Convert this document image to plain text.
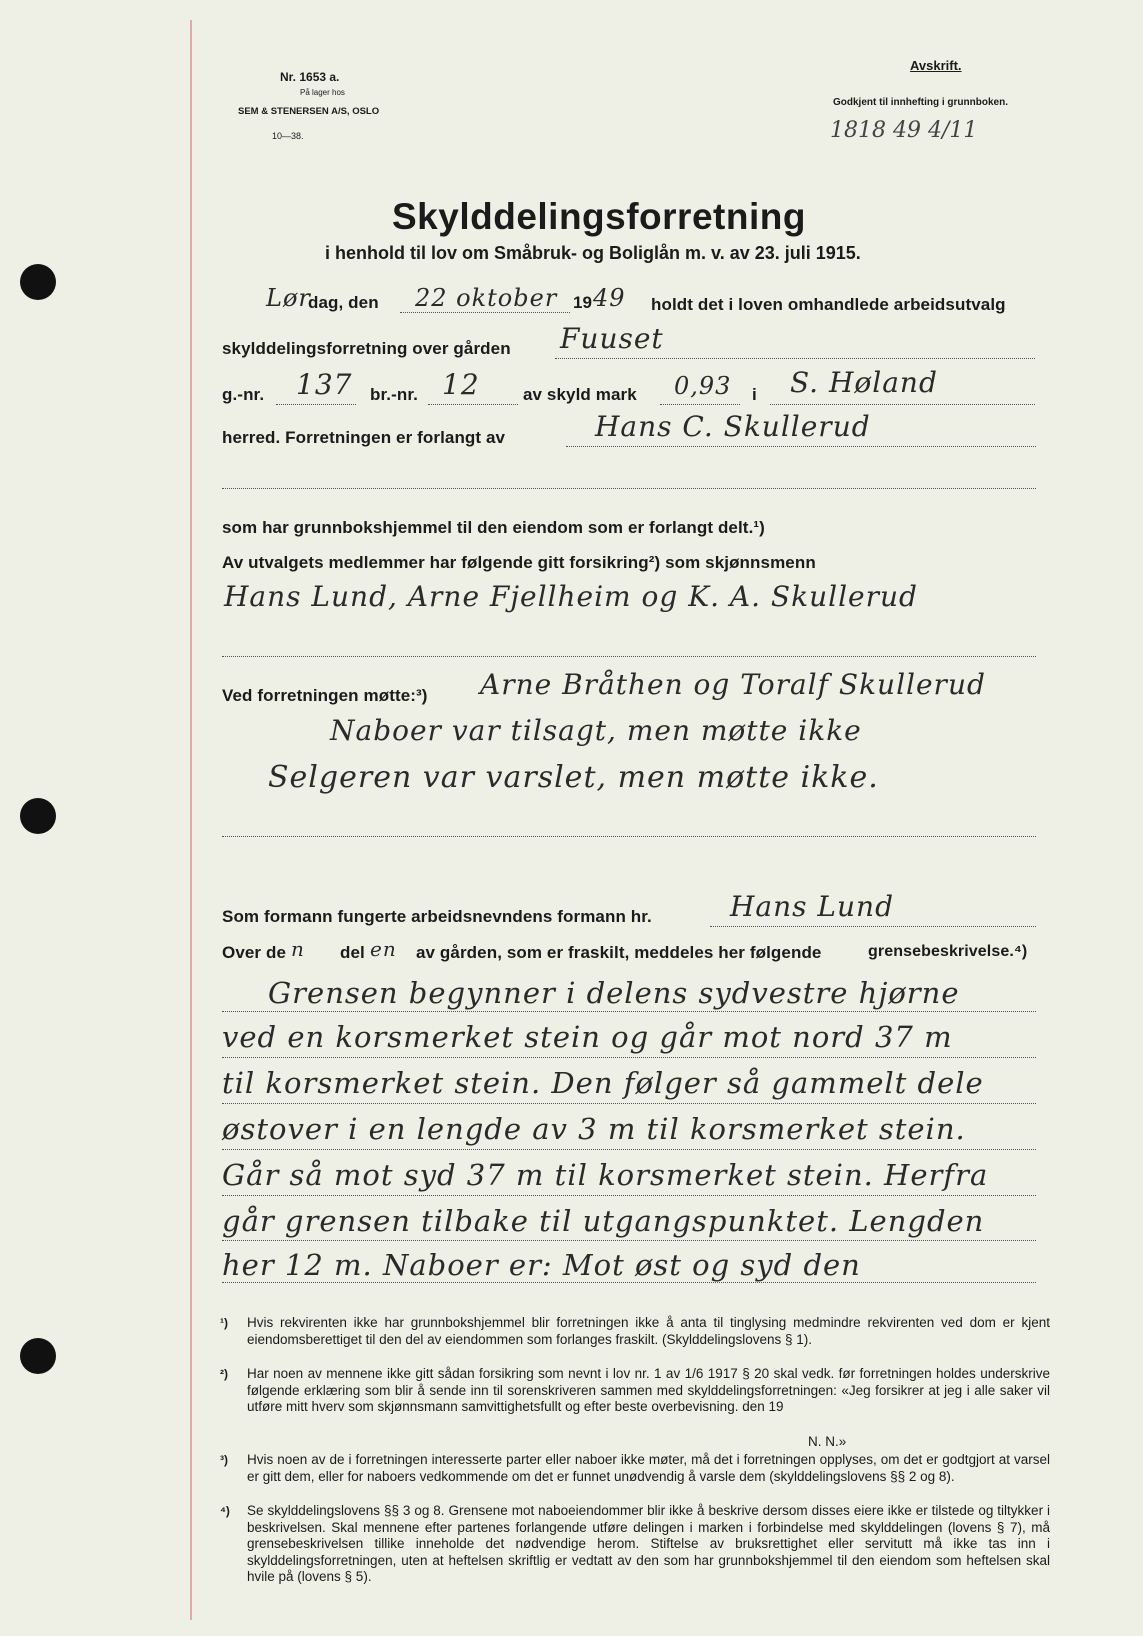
Nr. 1653 a.
På lager hos
SEM & STENERSEN A/S, OSLO
10—38.
Avskrift.
Godkjent til innhefting i grunnboken.
1818 49 4/11
Skylddelingsforretning
i henhold til lov om Småbruk- og Boliglån m. v. av 23. juli 1915.
Lør
dag, den 22 oktober 19 49 holdt det i loven omhandlede arbeidsutvalg
skylddelingsforretning over gården Fuuset
g.-nr. 137 br.-nr. 12	av skyld mark 0,93 i S. Høland
herred. Forretningen er forlangt av	Hans C. Skullerud
som har grunnbokshjemmel til den eiendom som er forlangt delt.¹)
Av utvalgets medlemmer har følgende gitt forsikring²) som skjønnsmenn
Hans Lund, Arne Fjellheim og K. A. Skullerud
Ved forretningen møtte:³) Arne Bråthen og Toralf Skullerud
Naboer var tilsagt, men møtte ikke
Selgeren var varslet, men møtte ikke.
Som formann fungerte arbeidsnevndens formann hr.	Hans Lund
Over de n del en av gården, som er fraskilt, meddeles her følgende	grensebeskrivelse.⁴)
Grensen begynner i delens sydvestre hjørne
ved en korsmerket stein og går mot nord 37 m
til korsmerket stein. Den følger så gammelt dele
østover i en lengde av 3 m til korsmerket stein.
Går så mot syd 37 m til korsmerket stein. Herfra
går grensen tilbake til utgangspunktet. Lengden
her 12 m. Naboer er: Mot øst og syd den
¹) Hvis rekvirenten ikke har grunnbokshjemmel blir forretningen ikke å anta til tinglysing medmindre rekvirenten ved dom er kjent eiendomsberettiget til den del av eiendommen som forlanges fraskilt. (Skylddelingslovens § 1).
²) Har noen av mennene ikke gitt sådan forsikring som nevnt i lov nr. 1 av 1/6 1917 § 20 skal vedk. før forretningen holdes underskrive følgende erklæring som blir å sende inn til sorenskriveren sammen med skylddelingsforretningen: «Jeg forsikrer at jeg i alle saker vil utføre mitt hverv som skjønnsmann samvittighetsfullt og efter beste overbevisning. den 19
N. N.»
³) Hvis noen av de i forretningen interesserte parter eller naboer ikke møter, må det i forretningen opplyses, om det er godtgjort at varsel er gitt dem, eller for naboers vedkommende om det er funnet unødvendig å varsle dem (skylddelingslovens §§ 2 og 8).
⁴) Se skylddelingslovens §§ 3 og 8. Grensene mot naboeiendommer blir ikke å beskrive dersom disses eiere ikke er tilstede og tiltykker i beskrivelsen. Skal mennene efter partenes forlangende utføre delingen i marken i forbindelse med skylddelingen (lovens § 7), må grensebeskrivelsen tillike inneholde det nødvendige herom. Stiftelse av bruksrettighet eller servitutt må ikke tas inn i skylddelingsforretningen, uten at heftelsen skriftlig er vedtatt av den som har grunnbokshjemmel til den eiendom som heftelsen skal hvile på (lovens § 5).
